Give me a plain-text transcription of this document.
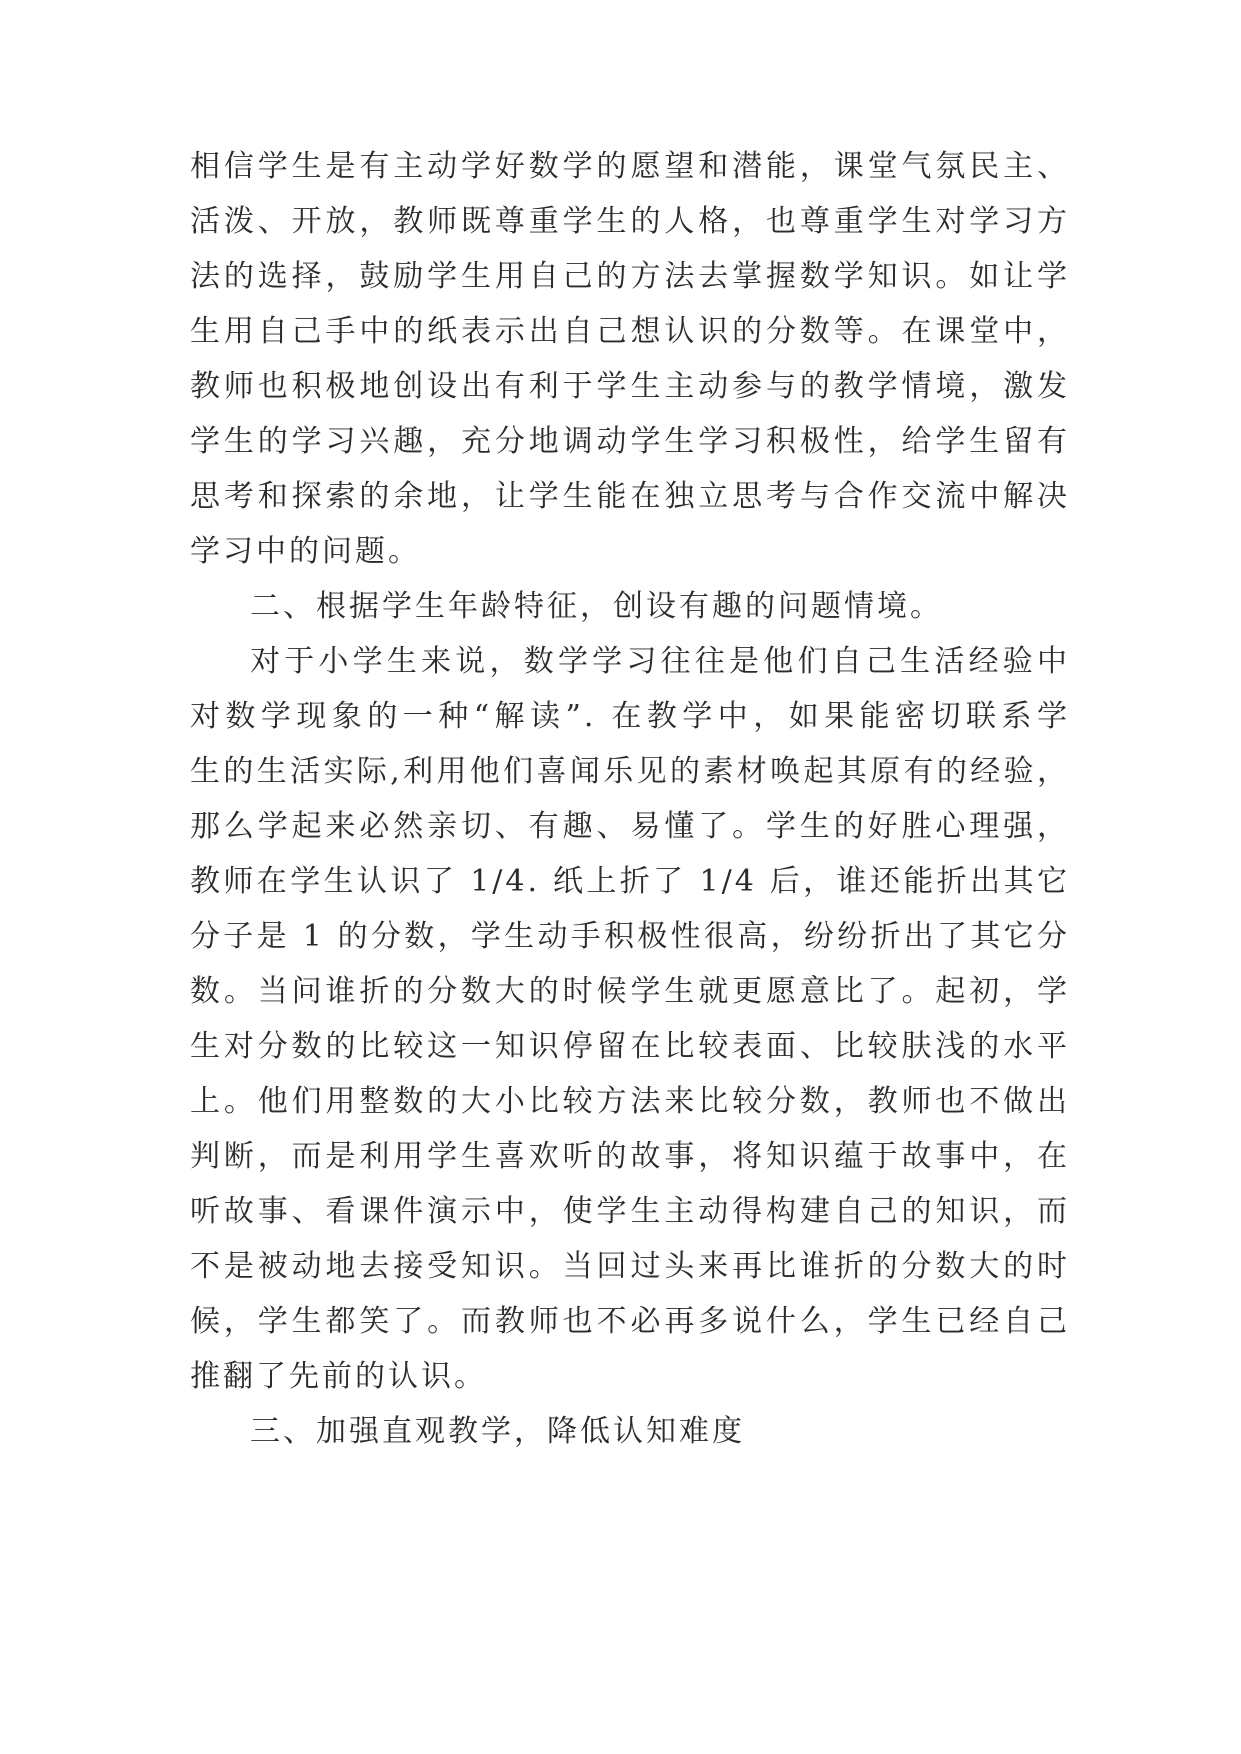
相信学生是有主动学好数学的愿望和潜能，课堂气氛民主、

活泼、开放，教师既尊重学生的人格，也尊重学生对学习方

法的选择，鼓励学生用自己的方法去掌握数学知识。如让学

生用自己手中的纸表示出自己想认识的分数等。在课堂中，

教师也积极地创设出有利于学生主动参与的教学情境，激发

学生的学习兴趣，充分地调动学生学习积极性，给学生留有

思考和探索的余地，让学生能在独立思考与合作交流中解决

学习中的问题。

二、根据学生年龄特征，创设有趣的问题情境。

对于小学生来说，数学学习往往是他们自己生活经验中

对数学现象的一种“解读”. 在教学中，如果能密切联系学

生的生活实际,利用他们喜闻乐见的素材唤起其原有的经验，

那么学起来必然亲切、有趣、易懂了。学生的好胜心理强，

教师在学生认识了 1/4. 纸上折了 1/4 后，谁还能折出其它

分子是 1 的分数，学生动手积极性很高，纷纷折出了其它分

数。当问谁折的分数大的时候学生就更愿意比了。起初，学

生对分数的比较这一知识停留在比较表面、比较肤浅的水平

上。他们用整数的大小比较方法来比较分数，教师也不做出

判断，而是利用学生喜欢听的故事，将知识蕴于故事中，在

听故事、看课件演示中，使学生主动得构建自己的知识，而

不是被动地去接受知识。当回过头来再比谁折的分数大的时

候，学生都笑了。而教师也不必再多说什么，学生已经自己

推翻了先前的认识。

三、加强直观教学，降低认知难度
